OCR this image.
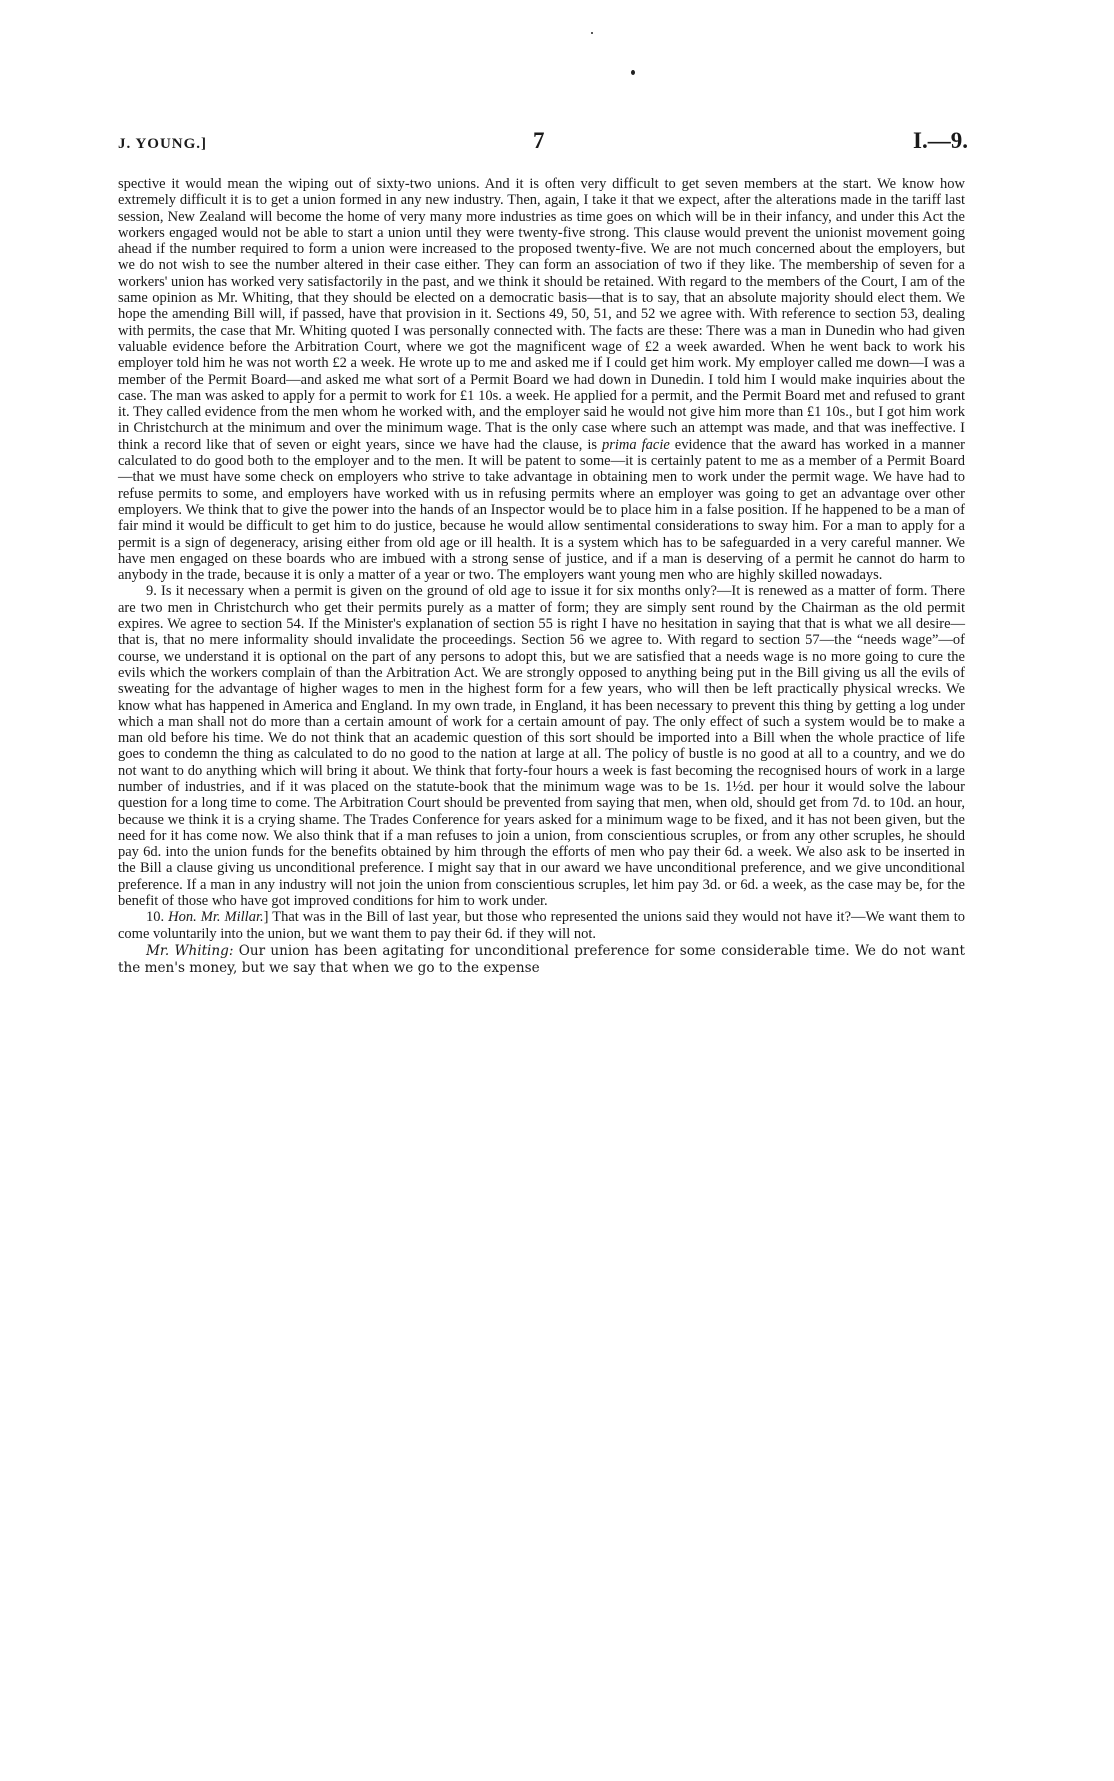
J. YOUNG.]	7	I.—9.

spective it would mean the wiping out of sixty-two unions. And it is often very difficult to get seven members at the start. We know how extremely difficult it is to get a union formed in any new industry. Then, again, I take it that we expect, after the alterations made in the tariff last session, New Zealand will become the home of very many more industries as time goes on which will be in their infancy, and under this Act the workers engaged would not be able to start a union until they were twenty-five strong. This clause would prevent the unionist movement going ahead if the number required to form a union were increased to the proposed twenty-five. We are not much concerned about the employers, but we do not wish to see the number altered in their case either. They can form an association of two if they like. The membership of seven for a workers' union has worked very satisfactorily in the past, and we think it should be retained. With regard to the members of the Court, I am of the same opinion as Mr. Whiting, that they should be elected on a democratic basis—that is to say, that an absolute majority should elect them. We hope the amending Bill will, if passed, have that provision in it. Sections 49, 50, 51, and 52 we agree with. With reference to section 53, dealing with permits, the case that Mr. Whiting quoted I was personally connected with. The facts are these: There was a man in Dunedin who had given valuable evidence before the Arbitration Court, where we got the magnificent wage of £2 a week awarded. When he went back to work his employer told him he was not worth £2 a week. He wrote up to me and asked me if I could get him work. My employer called me down—I was a member of the Permit Board—and asked me what sort of a Permit Board we had down in Dunedin. I told him I would make inquiries about the case. The man was asked to apply for a permit to work for £1 10s. a week. He applied for a permit, and the Permit Board met and refused to grant it. They called evidence from the men whom he worked with, and the employer said he would not give him more than £1 10s., but I got him work in Christchurch at the minimum and over the minimum wage. That is the only case where such an attempt was made, and that was ineffective. I think a record like that of seven or eight years, since we have had the clause, is prima facie evidence that the award has worked in a manner calculated to do good both to the employer and to the men. It will be patent to some—it is certainly patent to me as a member of a Permit Board—that we must have some check on employers who strive to take advantage in obtaining men to work under the permit wage. We have had to refuse permits to some, and employers have worked with us in refusing permits where an employer was going to get an advantage over other employers. We think that to give the power into the hands of an Inspector would be to place him in a false position. If he happened to be a man of fair mind it would be difficult to get him to do justice, because he would allow sentimental considerations to sway him. For a man to apply for a permit is a sign of degeneracy, arising either from old age or ill health. It is a system which has to be safeguarded in a very careful manner. We have men engaged on these boards who are imbued with a strong sense of justice, and if a man is deserving of a permit he cannot do harm to anybody in the trade, because it is only a matter of a year or two. The employers want young men who are highly skilled nowadays.

9. Is it necessary when a permit is given on the ground of old age to issue it for six months only?—It is renewed as a matter of form. There are two men in Christchurch who get their permits purely as a matter of form; they are simply sent round by the Chairman as the old permit expires. We agree to section 54. If the Minister's explanation of section 55 is right I have no hesitation in saying that that is what we all desire—that is, that no mere informality should invalidate the proceedings. Section 56 we agree to. With regard to section 57—the “needs wage”—of course, we understand it is optional on the part of any persons to adopt this, but we are satisfied that a needs wage is no more going to cure the evils which the workers complain of than the Arbitration Act. We are strongly opposed to anything being put in the Bill giving us all the evils of sweating for the advantage of higher wages to men in the highest form for a few years, who will then be left practically physical wrecks. We know what has happened in America and England. In my own trade, in England, it has been necessary to prevent this thing by getting a log under which a man shall not do more than a certain amount of work for a certain amount of pay. The only effect of such a system would be to make a man old before his time. We do not think that an academic question of this sort should be imported into a Bill when the whole practice of life goes to condemn the thing as calculated to do no good to the nation at large at all. The policy of bustle is no good at all to a country, and we do not want to do anything which will bring it about. We think that forty-four hours a week is fast becoming the recognised hours of work in a large number of industries, and if it was placed on the statute-book that the minimum wage was to be 1s. 1½d. per hour it would solve the labour question for a long time to come. The Arbitration Court should be prevented from saying that men, when old, should get from 7d. to 10d. an hour, because we think it is a crying shame. The Trades Conference for years asked for a minimum wage to be fixed, and it has not been given, but the need for it has come now. We also think that if a man refuses to join a union, from conscientious scruples, or from any other scruples, he should pay 6d. into the union funds for the benefits obtained by him through the efforts of men who pay their 6d. a week. We also ask to be inserted in the Bill a clause giving us unconditional preference. I might say that in our award we have unconditional preference, and we give unconditional preference. If a man in any industry will not join the union from conscientious scruples, let him pay 3d. or 6d. a week, as the case may be, for the benefit of those who have got improved conditions for him to work under.

10. Hon. Mr. Millar.] That was in the Bill of last year, but those who represented the unions said they would not have it?—We want them to come voluntarily into the union, but we want them to pay their 6d. if they will not.

Mr. Whiting: Our union has been agitating for unconditional preference for some considerable time. We do not want the men's money, but we say that when we go to the expense
